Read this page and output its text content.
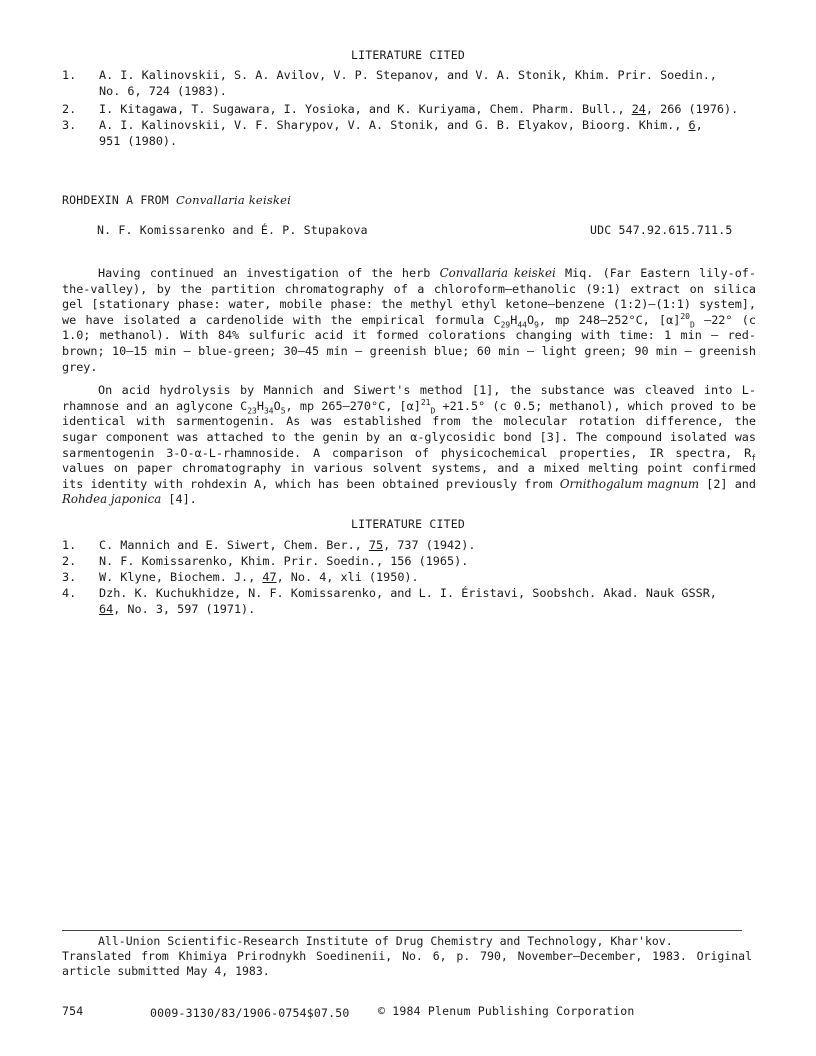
LITERATURE CITED
1. A. I. Kalinovskii, S. A. Avilov, V. P. Stepanov, and V. A. Stonik, Khim. Prir. Soedin.,
No. 6, 724 (1983).
2. I. Kitagawa, T. Sugawara, I. Yosioka, and K. Kuriyama, Chem. Pharm. Bull., 24, 266 (1976).
3. A. I. Kalinovskii, V. F. Sharypov, V. A. Stonik, and G. B. Elyakov, Bioorg. Khim., 6,
951 (1980).
ROHDEXIN A FROM Convallaria keiskei
N. F. Komissarenko and É. P. Stupakova	UDC 547.92.615.711.5

Having continued an investigation of the herb Convallaria keiskei Miq. (Far Eastern lily-of-the-valley), by the partition chromatography of a chloroform–ethanolic (9:1) extract on silica gel [stationary phase: water, mobile phase: the methyl ethyl ketone–benzene (1:2)–(1:1) system], we have isolated a cardenolide with the empirical formula $C_{29}H_{44}O_9$, mp 248–252°C, $[\alpha]^{20}_D$ –22° (c 1.0; methanol). With 84% sulfuric acid it formed colorations changing with time: 1 min – red-brown; 10–15 min – blue-green; 30–45 min – greenish blue; 60 min – light green; 90 min – greenish grey.

On acid hydrolysis by Mannich and Siwert's method [1], the substance was cleaved into L-rhamnose and an aglycone $C_{23}H_{34}O_5$, mp 265–270°C, $[\alpha]^{21}_D +21.5^\circ$ (c 0.5; methanol), which proved to be identical with sarmentogenin. As was established from the molecular rotation difference, the sugar component was attached to the genin by an α-glycosidic bond [3]. The compound isolated was sarmentogenin 3-O-α-L-rhamnoside. A comparison of physicochemical properties, IR spectra, $R_f$ values on paper chromatography in various solvent systems, and a mixed melting point confirmed its identity with rohdexin A, which has been obtained previously from Ornithogalum magnum [2] and Rohdea japonica [4].

LITERATURE CITED
1. C. Mannich and E. Siwert, Chem. Ber., 75, 737 (1942).
2. N. F. Komissarenko, Khim. Prir. Soedin., 156 (1965).
3. W. Klyne, Biochem. J., 47, No. 4, xli (1950).
4. Dzh. K. Kuchukhidze, N. F. Komissarenko, and L. I. Éristavi, Soobshch. Akad. Nauk GSSR,
64, No. 3, 597 (1971).
All-Union Scientific-Research Institute of Drug Chemistry and Technology, Khar'kov.
Translated from Khimiya Prirodnykh Soedinenii, No. 6, p. 790, November–December, 1983. Original article submitted May 4, 1983.
754	0009-3130/83/1906-0754$07.50 © 1984 Plenum Publishing Corporation
